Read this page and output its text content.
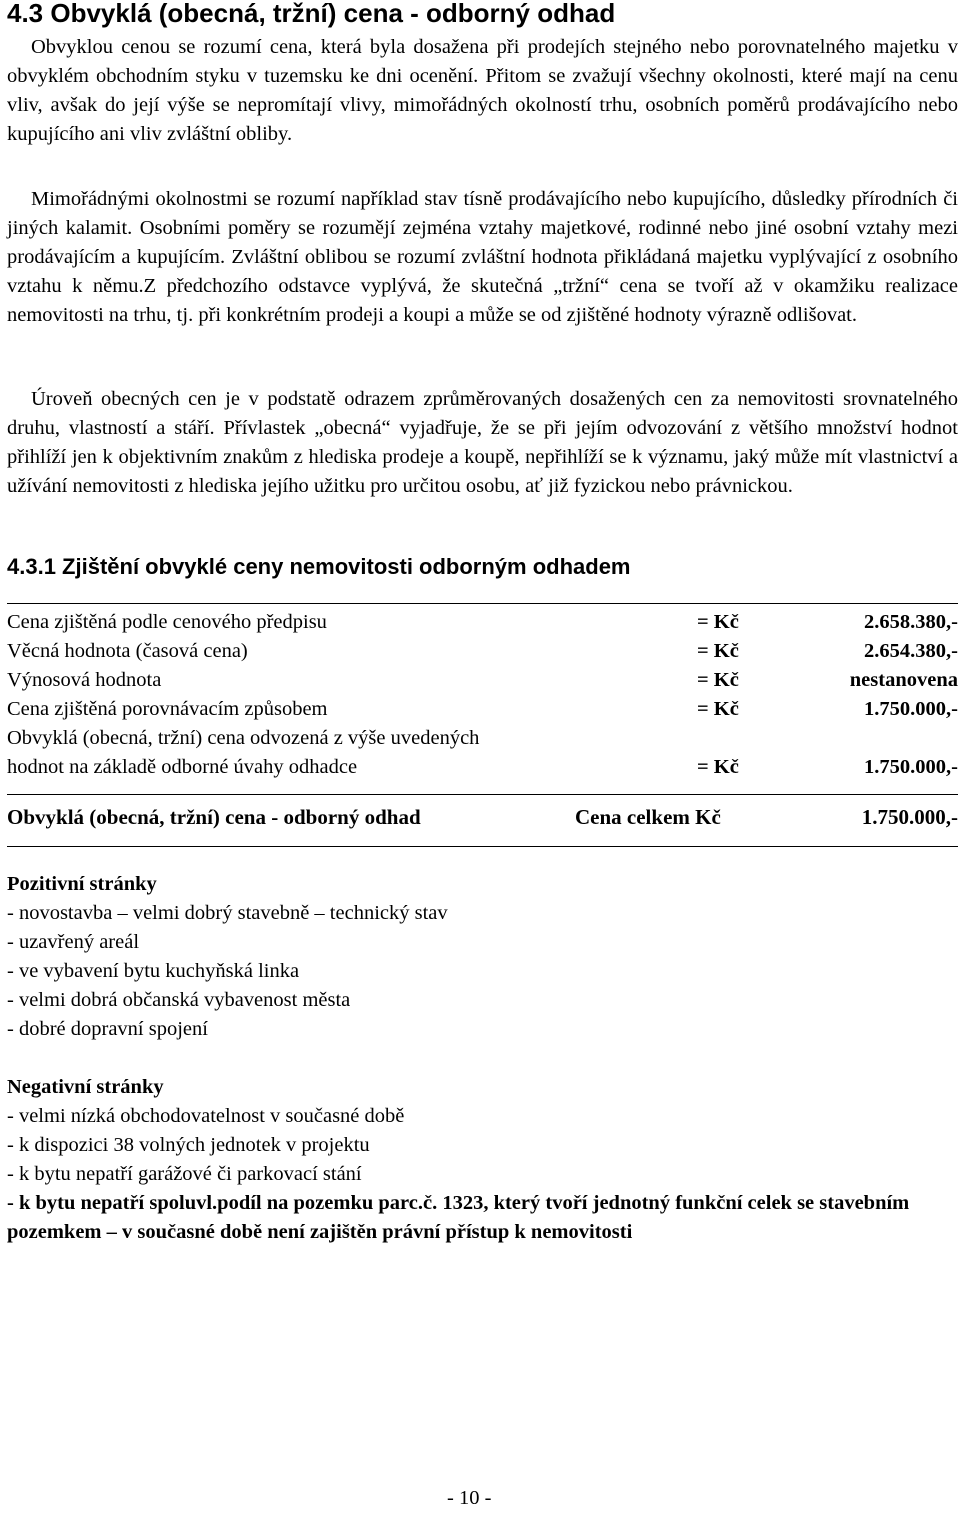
4.3 Obvyklá (obecná, tržní) cena - odborný odhad

Obvyklou cenou se rozumí cena, která byla dosažena při prodejích stejného nebo porovnatelného majetku v obvyklém obchodním styku v tuzemsku ke dni ocenění. Přitom se zvažují všechny okolnosti, které mají na cenu vliv, avšak do její výše se nepromítají vlivy, mimořádných okolností trhu, osobních poměrů prodávajícího nebo kupujícího ani vliv zvláštní obliby.

Mimořádnými okolnostmi se rozumí například stav tísně prodávajícího nebo kupujícího, důsledky přírodních či jiných kalamit. Osobními poměry se rozumějí zejména vztahy majetkové, rodinné nebo jiné osobní vztahy mezi prodávajícím a kupujícím. Zvláštní oblibou se rozumí zvláštní hodnota přikládaná majetku vyplývající z osobního vztahu k němu.Z předchozího odstavce vyplývá, že skutečná „tržní“ cena se tvoří až v okamžiku realizace nemovitosti na trhu, tj. při konkrétním prodeji a koupi a může se od zjištěné hodnoty výrazně odlišovat.

Úroveň obecných cen je v podstatě odrazem zprůměrovaných dosažených cen za nemovitosti srovnatelného druhu, vlastností a stáří. Přívlastek „obecná“ vyjadřuje, že se při jejím odvozování z většího množství hodnot přihlíží jen k objektivním znakům z hlediska prodeje a koupě, nepřihlíží se k významu, jaký může mít vlastnictví a užívání nemovitosti z hlediska jejího užitku pro určitou osobu, ať již fyzickou nebo právnickou.

4.3.1 Zjištění obvyklé ceny nemovitosti odborným odhadem
Cena zjištěná podle cenového předpisu	= Kč	2.658.380,-
Věcná hodnota (časová cena)	= Kč	2.654.380,-
Výnosová hodnota	= Kč	nestanovena
Cena zjištěná porovnávacím způsobem	= Kč	1.750.000,-
Obvyklá (obecná, tržní) cena odvozená z výše uvedených
hodnot na základě odborné úvahy odhadce	= Kč	1.750.000,-
Obvyklá (obecná, tržní) cena - odborný odhad	Cena celkem Kč	1.750.000,-
Pozitivní stránky
- novostavba – velmi dobrý stavebně – technický stav
- uzavřený areál
- ve vybavení bytu kuchyňská linka
- velmi dobrá občanská vybavenost města
- dobré dopravní spojení
Negativní stránky
- velmi nízká obchodovatelnost v současné době
- k dispozici 38 volných jednotek v projektu
- k bytu nepatří garážové či parkovací stání
- k bytu nepatří spoluvl.podíl na pozemku parc.č. 1323, který tvoří jednotný funkční celek se stavebním pozemkem – v současné době není zajištěn právní přístup k nemovitosti
- 10 -
